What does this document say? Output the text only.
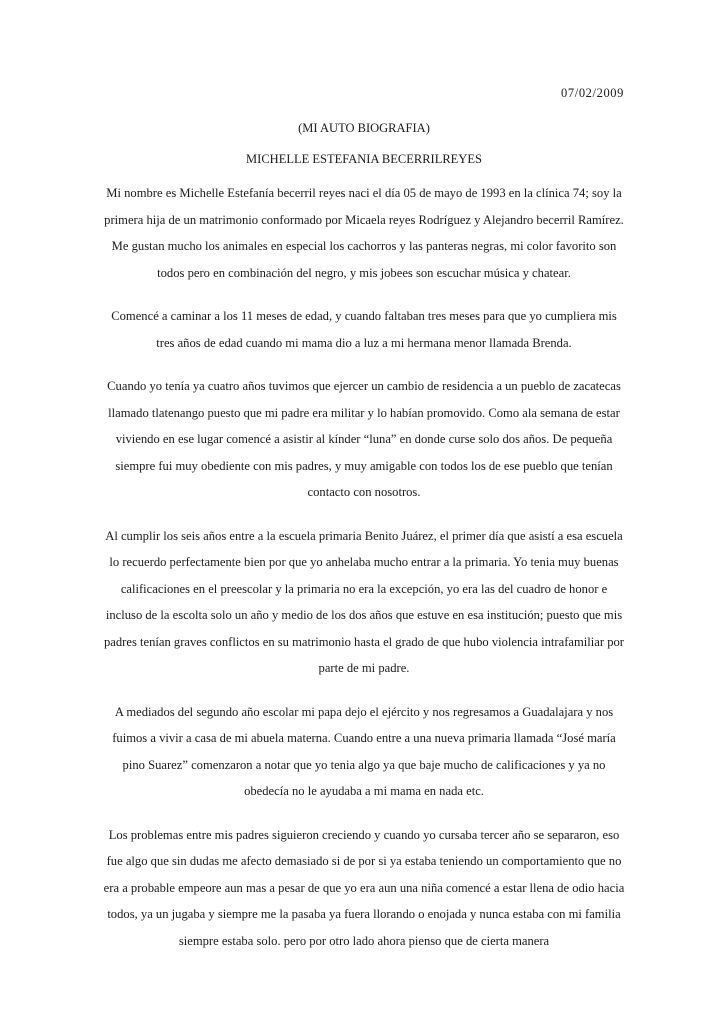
07/02/2009
(MI AUTO BIOGRAFIA)
MICHELLE ESTEFANIA BECERRILREYES

Mi nombre es Michelle Estefanía becerril reyes naci el día 05 de mayo de 1993 en la clínica 74; soy la primera hija de un matrimonio conformado por Micaela reyes Rodríguez y Alejandro becerril Ramírez. Me gustan mucho los animales en especial los cachorros y las panteras negras, mi color favorito son todos pero en combinación del negro, y mis jobees son escuchar música y chatear.

Comencé a caminar a los 11 meses de edad, y cuando faltaban tres meses para que yo cumpliera mis tres años de edad cuando mi mama dio a luz a mi hermana menor llamada Brenda.

Cuando yo tenía ya cuatro años tuvimos que ejercer un cambio de residencia a un pueblo de zacatecas llamado tlatenango puesto que mi padre era militar y lo habían promovido. Como ala semana de estar viviendo en ese lugar comencé a asistir al kínder “luna” en donde curse solo dos años. De pequeña siempre fui muy obediente con mis padres, y muy amigable con todos los de ese pueblo que tenían contacto con nosotros.

Al cumplir los seis años entre a la escuela primaria Benito Juárez, el primer día que asistí a esa escuela lo recuerdo perfectamente bien por que yo anhelaba mucho entrar a la primaria. Yo tenia muy buenas calificaciones en el preescolar y la primaria no era la excepción, yo era las del cuadro de honor e incluso de la escolta solo un año y medio de los dos años que estuve en esa institución; puesto que mis padres tenían graves conflictos en su matrimonio hasta el grado de que hubo violencia intrafamiliar por parte de mi padre.

A mediados del segundo año escolar mi papa dejo el ejército y nos regresamos a Guadalajara y nos fuimos a vivir a casa de mi abuela materna. Cuando entre a una nueva primaria llamada “José maría pino Suarez” comenzaron a notar que yo tenia algo ya que baje mucho de calificaciones y ya no obedecía no le ayudaba a mi mama en nada etc.

Los problemas entre mis padres siguieron creciendo y cuando yo cursaba tercer año se separaron, eso fue algo que sin dudas me afecto demasiado si de por si ya estaba teniendo un comportamiento que no era a probable empeore aun mas a pesar de que yo era aun una niña comencé a estar llena de odio hacia todos, ya un jugaba y siempre me la pasaba ya fuera llorando o enojada y nunca estaba con mi familia siempre estaba solo. pero por otro lado ahora pienso que de cierta manera
